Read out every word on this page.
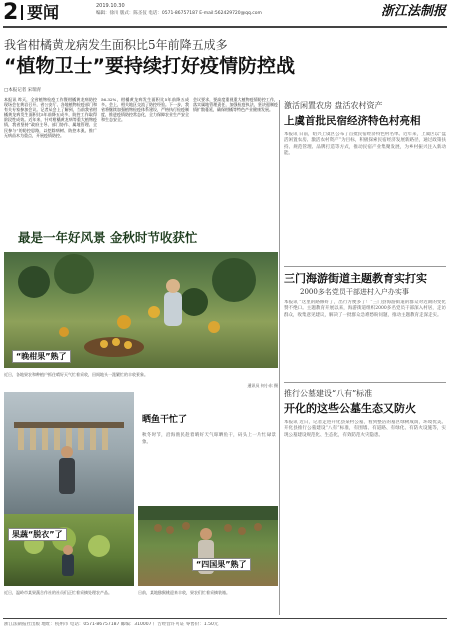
2 要闻	2019.10.30
编辑：徐川 版式：陈圣仪 电话：0571-86757187 E-mail:562429720@qq.com	浙江法制报
我省柑橘黄龙病发生面积比5年前降五成多
“植物卫士”要持续打好疫情防控战
□本报记者 宋瑞青
本报讯 昨天，全省植物检疫工作暨柑橘黄龙病防控现场会在黄岩召开，省公安厅、各地植物检疫部门和有关专家参加会议。记者从会上了解到，当前我省柑橘黄龙病发生面积比5年前降五成多，防控工作取得阶段性成效。近年来，针对柑橘黄龙病等重大植物疫情，我省坚持“政府主导、部门协作、属地管理、全民参与”的防控思路，以挖除病树、防控木虱、推广无病苗木为重点，开展疫情防控。
56.32%，柑橘黄龙病发生面积比5年前降五成多。会上，相关地区交流了防控经验。下一步，我省将继续加强植物检疫体系建设，严格执行检疫制度，推进疫情防控常态化，全力保障农业生产安全和生态安全。
会议要求，要高度重视重大植物疫情防控工作，落实属地管理责任，加强检疫执法，坚决遏制疫情扩散蔓延，确保柑橘等特色产业健康发展。
最是一年好风景 金秋时节收获忙
“晚柑果”熟了
近日，各地果农和种植户抓住晴好天气忙着采收，田间地头一派繁忙的丰收景象。
通讯员 何小东 摄
晒鱼干忙了
秋冬时节，沿海渔民趁着晴好天气晾晒鱼干，码头上一片忙碌景象。
果蔬“脱衣”了
近日，温岭市某果蔬合作社的社员们正忙着采摘处理农产品。
“四国果”熟了
日前，某地猕猴桃迎来丰收，果农们忙着采摘装箱。
激活闲置农房 盘活农村资产
上虞首批民宿经济特色村亮相
本报讯 日前，绍兴上虞区公布了首批民宿经济特色村名单。近年来，上虞区以“盘活闲置农房、激活农村资产”为目标，积极探索民宿经济发展新路径，通过政策扶持、规范管理、品牌打造等方式，推动民宿产业集聚发展，为乡村振兴注入新动能。
三门海游街道主题教育实打实
2000多名党员干部进村入户办实事
本报讯 “这里的路修好了，出行方便多了！”三门县海游街道的群众对近期的变化赞不绝口。主题教育开展以来，海游街道组织2000多名党员干部深入村居，走访群众，收集意见建议，解决了一批群众急难愁盼问题，推动主题教育走深走实。
推行公墓建设“八有”标准
开化的这些公墓生态又防火
本报讯 近日，记者走进开化县某村公墓，看到整洁的墓区绿树成荫，环境优美。开化县推行公墓建设“八有”标准，有围墙、有道路、有绿化、有防火设施等，实现公墓建设规范化、生态化，有效防范火灾隐患。
浙江法制报社出版 地址：杭州市 电话：0571-86757187 邮编：310007 广告经营许可证 零售价：1.50元
